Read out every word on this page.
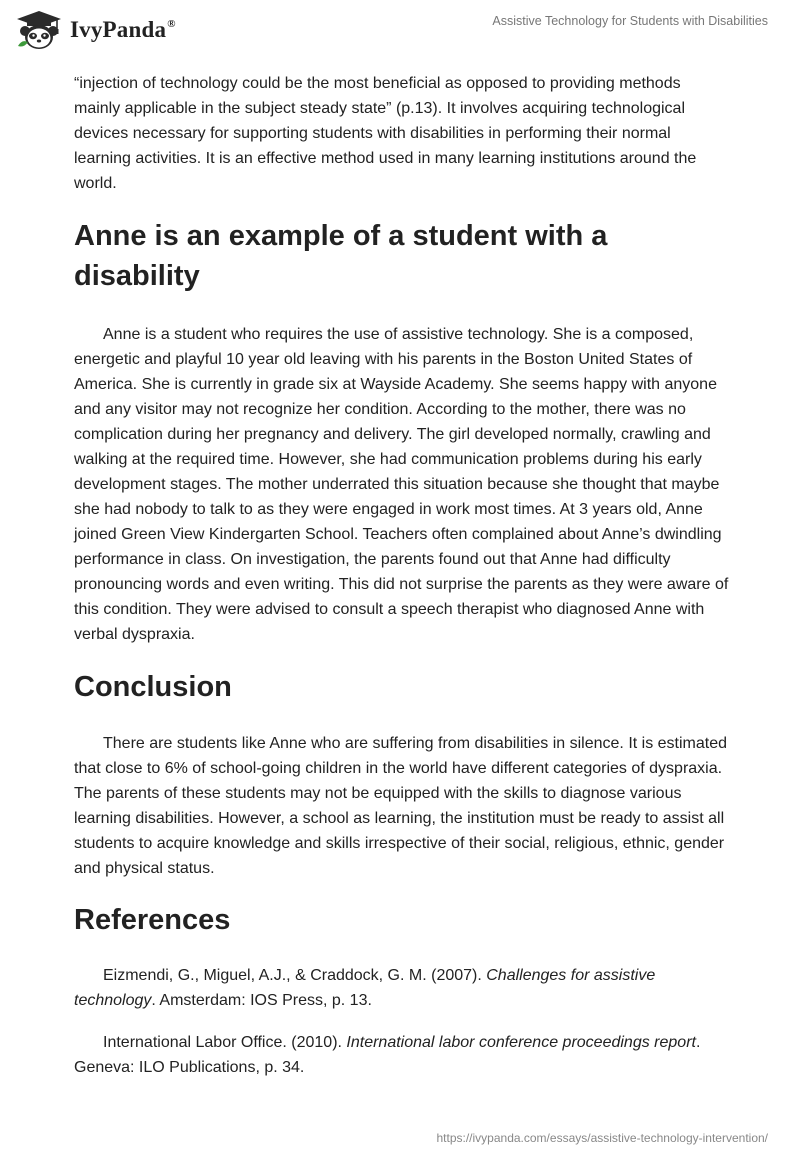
IvyPanda®	Assistive Technology for Students with Disabilities

“injection of technology could be the most beneficial as opposed to providing methods mainly applicable in the subject steady state” (p.13). It involves acquiring technological devices necessary for supporting students with disabilities in performing their normal learning activities. It is an effective method used in many learning institutions around the world.

Anne is an example of a student with a disability

Anne is a student who requires the use of assistive technology. She is a composed, energetic and playful 10 year old leaving with his parents in the Boston United States of America. She is currently in grade six at Wayside Academy. She seems happy with anyone and any visitor may not recognize her condition. According to the mother, there was no complication during her pregnancy and delivery. The girl developed normally, crawling and walking at the required time. However, she had communication problems during his early development stages. The mother underrated this situation because she thought that maybe she had nobody to talk to as they were engaged in work most times. At 3 years old, Anne joined Green View Kindergarten School. Teachers often complained about Anne’s dwindling performance in class. On investigation, the parents found out that Anne had difficulty pronouncing words and even writing. This did not surprise the parents as they were aware of this condition. They were advised to consult a speech therapist who diagnosed Anne with verbal dyspraxia.

Conclusion

There are students like Anne who are suffering from disabilities in silence. It is estimated that close to 6% of school-going children in the world have different categories of dyspraxia. The parents of these students may not be equipped with the skills to diagnose various learning disabilities. However, a school as learning, the institution must be ready to assist all students to acquire knowledge and skills irrespective of their social, religious, ethnic, gender and physical status.

References

Eizmendi, G., Miguel, A.J., & Craddock, G. M. (2007). Challenges for assistive technology. Amsterdam: IOS Press, p. 13.

International Labor Office. (2010). International labor conference proceedings report. Geneva: ILO Publications, p. 34.

https://ivypanda.com/essays/assistive-technology-intervention/
